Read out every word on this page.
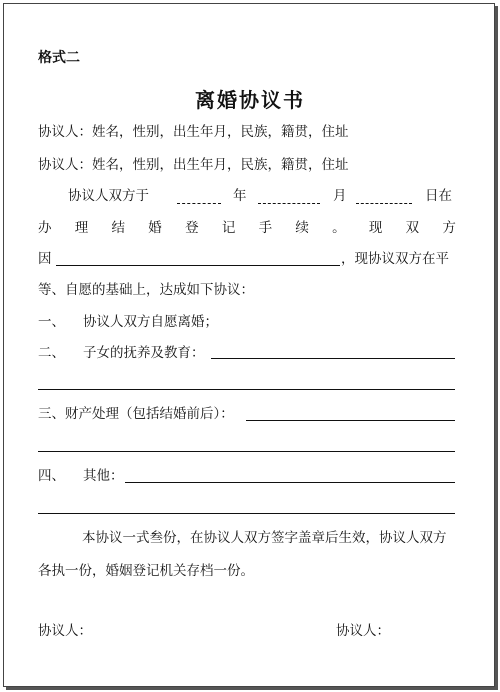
格式二
离婚协议书
协议人：姓名，性别，出生年月，民族，籍贯，住址
协议人：姓名，性别，出生年月，民族，籍贯，住址
协议人双方于	年	月	日在
办 理 结 婚 登 记 手 续 。 现 双 方
因	，现协议双方在平
等、自愿的基础上，达成如下协议：
一、 协议人双方自愿离婚；
二、 子女的抚养及教育：
三、财产处理（包括结婚前后）：
四、 其他：
本协议一式叁份，在协议人双方签字盖章后生效，协议人双方
各执一份，婚姻登记机关存档一份。
协议人：	协议人：
